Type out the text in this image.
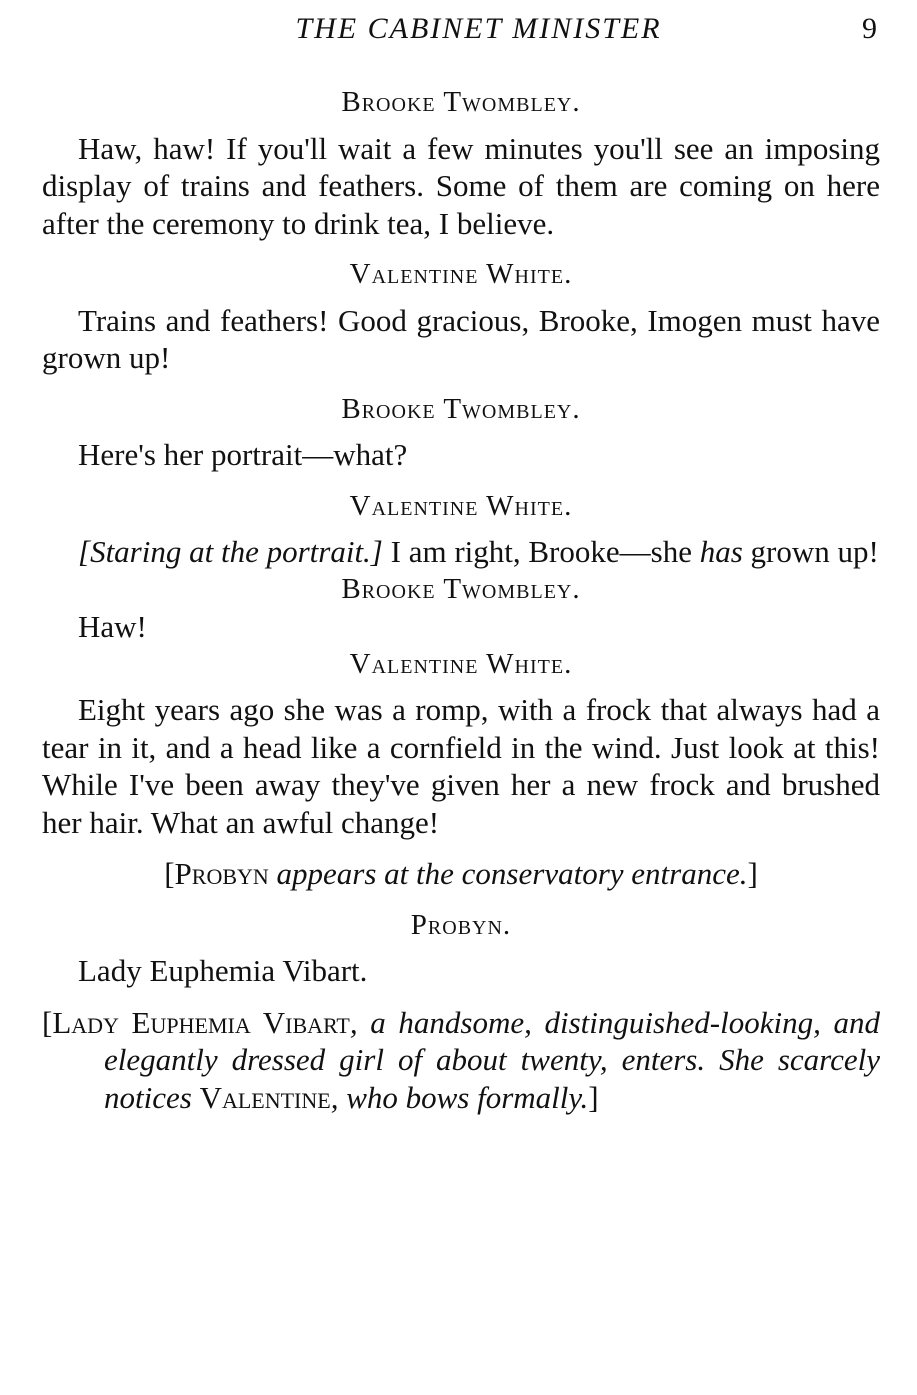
THE CABINET MINISTER	9

Brooke Twombley.

Haw, haw! If you'll wait a few minutes you'll see an imposing display of trains and feathers. Some of them are coming on here after the ceremony to drink tea, I believe.

Valentine White.

Trains and feathers! Good gracious, Brooke, Imogen must have grown up!

Brooke Twombley.

Here's her portrait—what?

Valentine White.

[Staring at the portrait.] I am right, Brooke—she has grown up!

Brooke Twombley.

Haw!

Valentine White.

Eight years ago she was a romp, with a frock that always had a tear in it, and a head like a cornfield in the wind. Just look at this! While I've been away they've given her a new frock and brushed her hair. What an awful change!

[Probyn appears at the conservatory entrance.]

Probyn.

Lady Euphemia Vibart.

[Lady Euphemia Vibart, a handsome, distinguished-looking, and elegantly dressed girl of about twenty, enters. She scarcely notices Valentine, who bows formally.]
